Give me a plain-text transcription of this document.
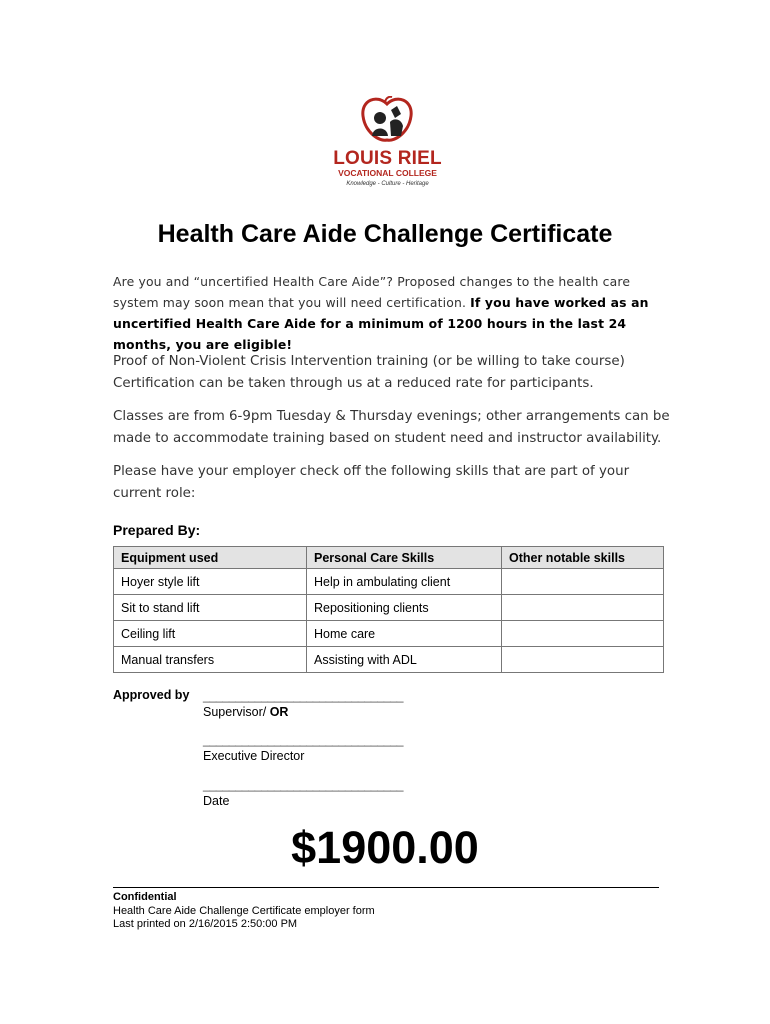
LOUIS RIEL
VOCATIONAL COLLEGE
Knowledge - Culture - Heritage
Health Care Aide Challenge Certificate

Are you and “uncertified Health Care Aide”? Proposed changes to the health care system may soon mean that you will need certification. If you have worked as an uncertified Health Care Aide for a minimum of 1200 hours in the last 24 months, you are eligible!

Proof of Non-Violent Crisis Intervention training (or be willing to take course) Certification can be taken through us at a reduced rate for participants.

Classes are from 6-9pm Tuesday & Thursday evenings; other arrangements can be made to accommodate training based on student need and instructor availability.

Please have your employer check off the following skills that are part of your current role:

Prepared By:
Equipment used	Personal Care Skills	Other notable skills
Hoyer style lift	Help in ambulating client	
Sit to stand lift	Repositioning clients	
Ceiling lift	Home care	
Manual transfers	Assisting with ADL	
Approved by _______________________________
Supervisor/ OR
_______________________________
Executive Director
_______________________________
Date
$1900.00
Confidential
Health Care Aide Challenge Certificate employer form
Last printed on 2/16/2015 2:50:00 PM
